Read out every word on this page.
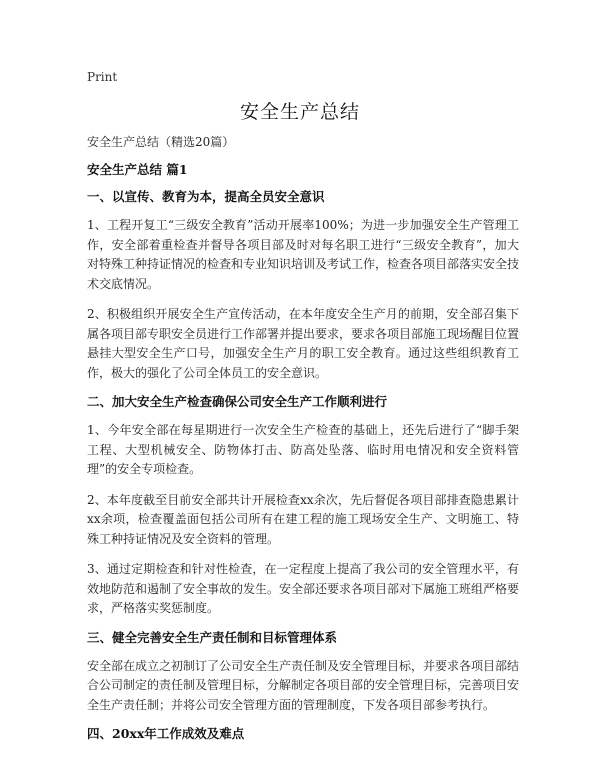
Print
安全生产总结
安全生产总结（精选20篇）
安全生产总结 篇1
一、以宣传、教育为本，提高全员安全意识

1、工程开复工“三级安全教育”活动开展率100%；为进一步加强安全生产管理工作，安全部着重检查并督导各项目部及时对每名职工进行“三级安全教育”，加大对特殊工种持证情况的检查和专业知识培训及考试工作，检查各项目部落实安全技术交底情况。

2、积极组织开展安全生产宣传活动，在本年度安全生产月的前期，安全部召集下属各项目部专职安全员进行工作部署并提出要求，要求各项目部施工现场醒目位置悬挂大型安全生产口号，加强安全生产月的职工安全教育。通过这些组织教育工作，极大的强化了公司全体员工的安全意识。

二、加大安全生产检查确保公司安全生产工作顺利进行

1、今年安全部在每星期进行一次安全生产检查的基础上，还先后进行了“脚手架工程、大型机械安全、防物体打击、防高处坠落、临时用电情况和安全资料管理”的安全专项检查。

2、本年度截至目前安全部共计开展检查xx余次，先后督促各项目部排查隐患累计xx余项，检查覆盖面包括公司所有在建工程的施工现场安全生产、文明施工、特殊工种持证情况及安全资料的管理。

3、通过定期检查和针对性检查，在一定程度上提高了我公司的安全管理水平，有效地防范和遏制了安全事故的发生。安全部还要求各项目部对下属施工班组严格要求，严格落实奖惩制度。

三、健全完善安全生产责任制和目标管理体系

安全部在成立之初制订了公司安全生产责任制及安全管理目标，并要求各项目部结合公司制定的责任制及管理目标，分解制定各项目部的安全管理目标，完善项目安全生产责任制；并将公司安全管理方面的管理制度，下发各项目部参考执行。

四、20xx年工作成效及难点
